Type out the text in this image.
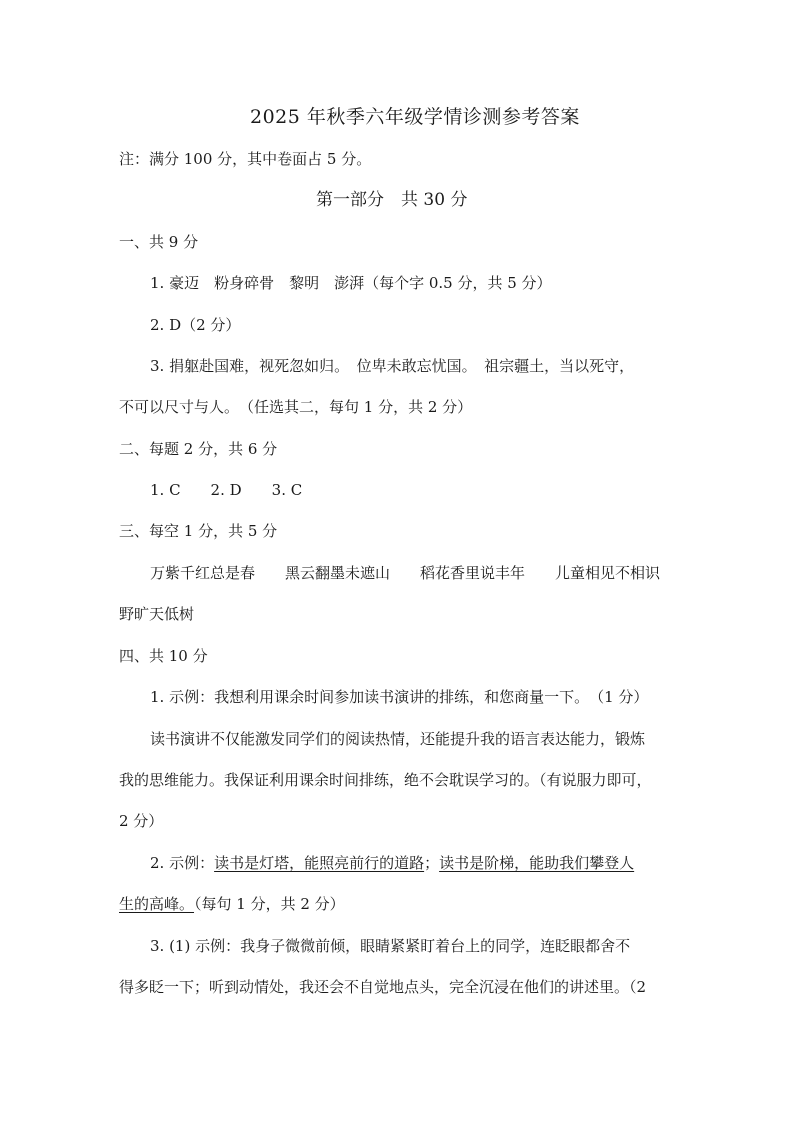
2025 年秋季六年级学情诊测参考答案
注：满分 100 分，其中卷面占 5 分。
第一部分　共 30 分
一、共 9 分
1. 豪迈　粉身碎骨　黎明　澎湃（每个字 0.5 分，共 5 分）
2. D（2 分）
3. 捐躯赴国难，视死忽如归。　位卑未敢忘忧国。　祖宗疆土，当以死守，
不可以尺寸与人。　（任选其二，每句 1 分，共 2 分）
二、每题 2 分，共 6 分
1. C　　2. D　　3. C
三、每空 1 分，共 5 分
万紫千红总是春　　黑云翻墨未遮山　　稻花香里说丰年　　儿童相见不相识
野旷天低树
四、共 10 分
1. 示例：我想利用课余时间参加读书演讲的排练，和您商量一下。　（1 分）
读书演讲不仅能激发同学们的阅读热情，还能提升我的语言表达能力，锻炼
我的思维能力。我保证利用课余时间排练，绝不会耽误学习的。（有说服力即可，
2 分）
2. 示例：读书是灯塔，能照亮前行的道路；读书是阶梯，能助我们攀登人
生的高峰。（每句 1 分，共 2 分）
3. (1) 示例：我身子微微前倾，眼睛紧紧盯着台上的同学，连眨眼都舍不
得多眨一下；听到动情处，我还会不自觉地点头，完全沉浸在他们的讲述里。（2
